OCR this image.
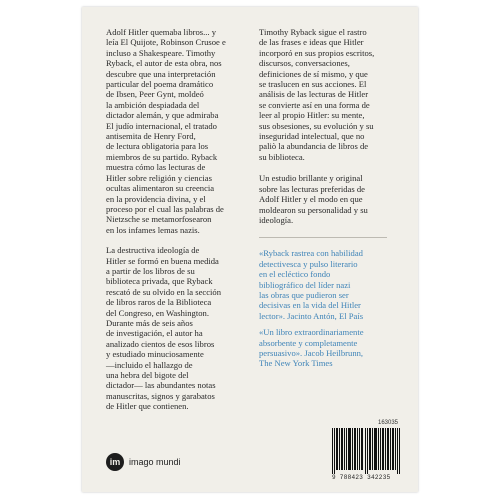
Adolf Hitler quemaba libros... y
leía El Quijote, Robinson Crusoe e
incluso a Shakespeare. Timothy
Ryback, el autor de esta obra, nos
descubre que una interpretación
particular del poema dramático
de Ibsen, Peer Gynt, moldeó
la ambición despiadada del
dictador alemán, y que admiraba
El judío internacional, el tratado
antisemita de Henry Ford,
de lectura obligatoria para los
miembros de su partido. Ryback
muestra cómo las lecturas de
Hitler sobre religión y ciencias
ocultas alimentaron su creencia
en la providencia divina, y el
proceso por el cual las palabras de
Nietzsche se metamorfosearon
en los infames lemas nazis.

La destructiva ideología de
Hitler se formó en buena medida
a partir de los libros de su
biblioteca privada, que Ryback
rescató de su olvido en la sección
de libros raros de la Biblioteca
del Congreso, en Washington.
Durante más de seis años
de investigación, el autor ha
analizado cientos de esos libros
y estudiado minuciosamente
—incluido el hallazgo de
una hebra del bigote del
dictador— las abundantes notas
manuscritas, signos y garabatos
de Hitler que contienen.

Timothy Ryback sigue el rastro
de las frases e ideas que Hitler
incorporó en sus propios escritos,
discursos, conversaciones,
definiciones de sí mismo, y que
se traslucen en sus acciones. El
análisis de las lecturas de Hitler
se convierte así en una forma de
leer al propio Hitler: su mente,
sus obsesiones, su evolución y su
inseguridad intelectual, que no
paliò la abundancia de libros de
su biblioteca.

Un estudio brillante y original
sobre las lecturas preferidas de
Adolf Hitler y el modo en que
moldearon su personalidad y su
ideología.

«Ryback rastrea con habilidad
detectivesca y pulso literario
en el ecléctico fondo
bibliográfico del líder nazi
las obras que pudieron ser
decisivas en la vida del Hitler
lector». Jacinto Antón, El País

«Un libro extraordinariamente
absorbente y completamente
persuasivo». Jacob Heilbrunn,
The New York Times

im imago mundi
163035
9 788423 342235
